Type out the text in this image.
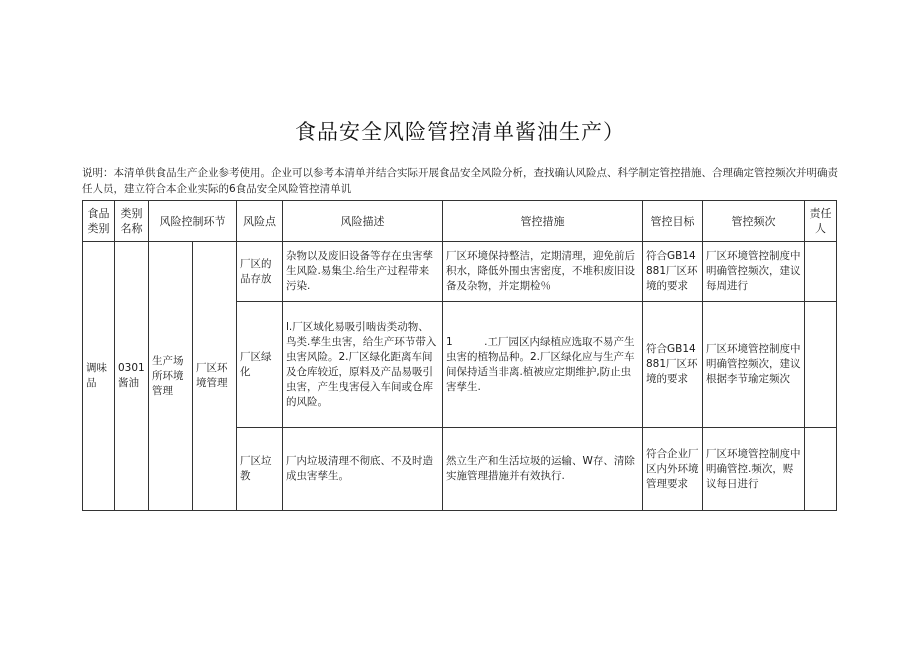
食品安全风险管控清单酱油生产）
说明：本清单供食品生产企业参考使用。企业可以参考本清单并结合实际开展食品安全风险分析，查找确认风险点、科学制定管控措施、合理确定管控频次并明确责任人员，建立符合本企业实际的6食品安全风险管控清单讥
食品类别	类别名称	风险控制环节		风险点	风险描述	管控措施	管控目标	管控频次	责任人
调味品	0301酱油	生产场所环境管理	厂区环境管理	厂区的品存放	杂物以及废旧设备等存在虫害孳生风险.易集尘.给生产过程带来污染.	厂区环境保持整洁，定期清理，迎免前后积水，降低外围虫害密度，不堆积废旧设备及杂物，并定期检％	符合GB14881厂区环境的要求	厂区环境管控制度中明确管控频次，建议每周进行	
				厂区绿化	l.厂区域化易吸引啮齿类动物、鸟类.孳生虫害，给生产环节带入虫害风险。2.厂区绿化距离车间及仓库较近，原料及产品易吸引虫害，产生曳害侵入车间或仓库的风险。	1　　　.工厂园区内绿植应选取不易产生虫害的植物品种。2.厂区绿化应与生产车间保持适当非离.植被应定期维护,防止虫害孳生.	符合GB14881厂区环境的要求	厂区环境管控制度中明确管控频次，建议根据李节瑜定频次	
				厂区垃教	厂内垃圾清理不彻底、不及时造成虫害孳生。	然立生产和生活垃圾的运输、W存、清除实施管理措施并有效执行.	符合企业厂区内外环境管理要求	厂区环境管控制度中明确管控.频次，赆议每日进行	
